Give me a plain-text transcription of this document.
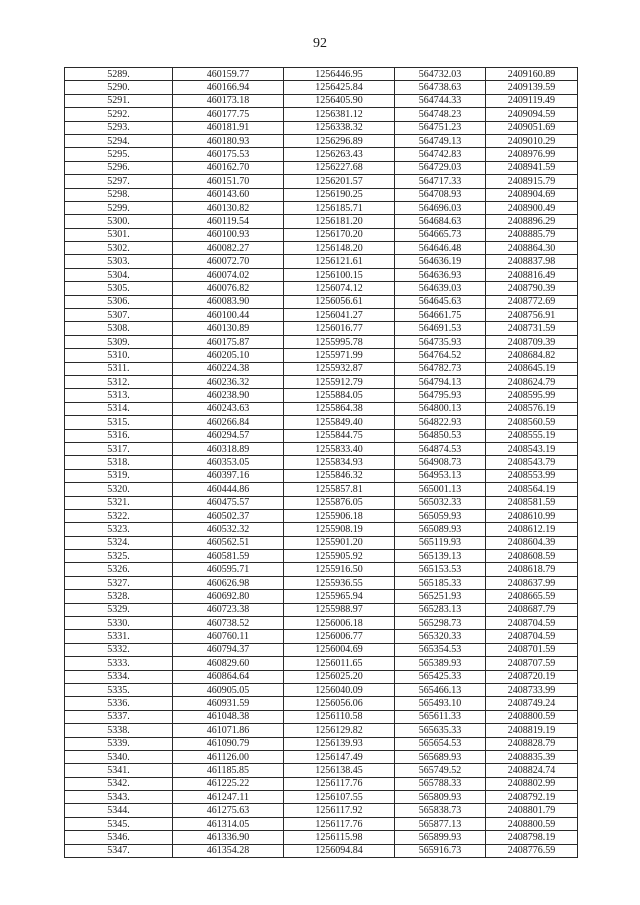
92
5289.	460159.77	1256446.95	564732.03	2409160.89
5290.	460166.94	1256425.84	564738.63	2409139.59
5291.	460173.18	1256405.90	564744.33	2409119.49
5292.	460177.75	1256381.12	564748.23	2409094.59
5293.	460181.91	1256338.32	564751.23	2409051.69
5294.	460180.93	1256296.89	564749.13	2409010.29
5295.	460175.53	1256263.43	564742.83	2408976.99
5296.	460162.70	1256227.68	564729.03	2408941.59
5297.	460151.70	1256201.57	564717.33	2408915.79
5298.	460143.60	1256190.25	564708.93	2408904.69
5299.	460130.82	1256185.71	564696.03	2408900.49
5300.	460119.54	1256181.20	564684.63	2408896.29
5301.	460100.93	1256170.20	564665.73	2408885.79
5302.	460082.27	1256148.20	564646.48	2408864.30
5303.	460072.70	1256121.61	564636.19	2408837.98
5304.	460074.02	1256100.15	564636.93	2408816.49
5305.	460076.82	1256074.12	564639.03	2408790.39
5306.	460083.90	1256056.61	564645.63	2408772.69
5307.	460100.44	1256041.27	564661.75	2408756.91
5308.	460130.89	1256016.77	564691.53	2408731.59
5309.	460175.87	1255995.78	564735.93	2408709.39
5310.	460205.10	1255971.99	564764.52	2408684.82
5311.	460224.38	1255932.87	564782.73	2408645.19
5312.	460236.32	1255912.79	564794.13	2408624.79
5313.	460238.90	1255884.05	564795.93	2408595.99
5314.	460243.63	1255864.38	564800.13	2408576.19
5315.	460266.84	1255849.40	564822.93	2408560.59
5316.	460294.57	1255844.75	564850.53	2408555.19
5317.	460318.89	1255833.40	564874.53	2408543.19
5318.	460353.05	1255834.93	564908.73	2408543.79
5319.	460397.16	1255846.32	564953.13	2408553.99
5320.	460444.86	1255857.81	565001.13	2408564.19
5321.	460475.57	1255876.05	565032.33	2408581.59
5322.	460502.37	1255906.18	565059.93	2408610.99
5323.	460532.32	1255908.19	565089.93	2408612.19
5324.	460562.51	1255901.20	565119.93	2408604.39
5325.	460581.59	1255905.92	565139.13	2408608.59
5326.	460595.71	1255916.50	565153.53	2408618.79
5327.	460626.98	1255936.55	565185.33	2408637.99
5328.	460692.80	1255965.94	565251.93	2408665.59
5329.	460723.38	1255988.97	565283.13	2408687.79
5330.	460738.52	1256006.18	565298.73	2408704.59
5331.	460760.11	1256006.77	565320.33	2408704.59
5332.	460794.37	1256004.69	565354.53	2408701.59
5333.	460829.60	1256011.65	565389.93	2408707.59
5334.	460864.64	1256025.20	565425.33	2408720.19
5335.	460905.05	1256040.09	565466.13	2408733.99
5336.	460931.59	1256056.06	565493.10	2408749.24
5337.	461048.38	1256110.58	565611.33	2408800.59
5338.	461071.86	1256129.82	565635.33	2408819.19
5339.	461090.79	1256139.93	565654.53	2408828.79
5340.	461126.00	1256147.49	565689.93	2408835.39
5341.	461185.85	1256138.45	565749.52	2408824.74
5342.	461225.22	1256117.76	565788.33	2408802.99
5343.	461247.11	1256107.55	565809.93	2408792.19
5344.	461275.63	1256117.92	565838.73	2408801.79
5345.	461314.05	1256117.76	565877.13	2408800.59
5346.	461336.90	1256115.98	565899.93	2408798.19
5347.	461354.28	1256094.84	565916.73	2408776.59
